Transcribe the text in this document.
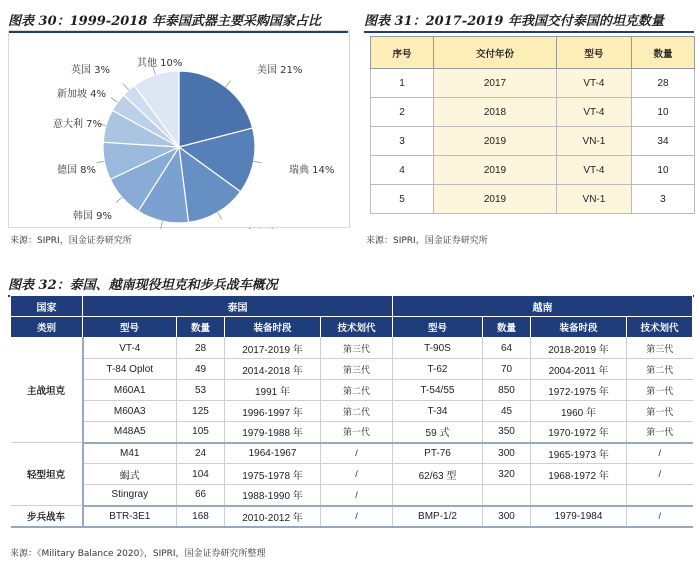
图表 30：1999-2018 年泰国武器主要采购国家占比
美国 21%
瑞典 14%
韩国 9%
德国 8%
意大利 7%
新加坡 4%
英国 3%
其他 10%
来源：SIPRI，国金证券研究所
图表 31：2017-2019 年我国交付泰国的坦克数量
序号	交付年份	型号	数量
1	2017	VT-4	28
2	2018	VT-4	10
3	2019	VN-1	34
4	2019	VT-4	10
5	2019	VN-1	3
来源：SIPRI，国金证券研究所
图表 32：泰国、越南现役坦克和步兵战车概况
国家	泰国				越南			
类别	型号	数量	装备时段	技术划代	型号	数量	装备时段	技术划代
主战坦克	VT-4	28	2017-2019 年	第三代	T-90S	64	2018-2019 年	第三代
	T-84 Oplot	49	2014-2018 年	第三代	T-62	70	2004-2011 年	第二代
	M60A1	53	1991 年	第二代	T-54/55	850	1972-1975 年	第一代
	M60A3	125	1996-1997 年	第二代	T-34	45	1960 年	第一代
	M48A5	105	1979-1988 年	第一代	59 式	350	1970-1972 年	第一代
轻型坦克	M41	24	1964-1967	/	PT-76	300	1965-1973 年	/
	蝎式	104	1975-1978 年	/	62/63 型	320	1968-1972 年	/
	Stingray	66	1988-1990 年	/				
步兵战车	BTR-3E1	168	2010-2012 年	/	BMP-1/2	300	1979-1984	/
来源：《Military Balance 2020》，SIPRI，国金证券研究所整理
